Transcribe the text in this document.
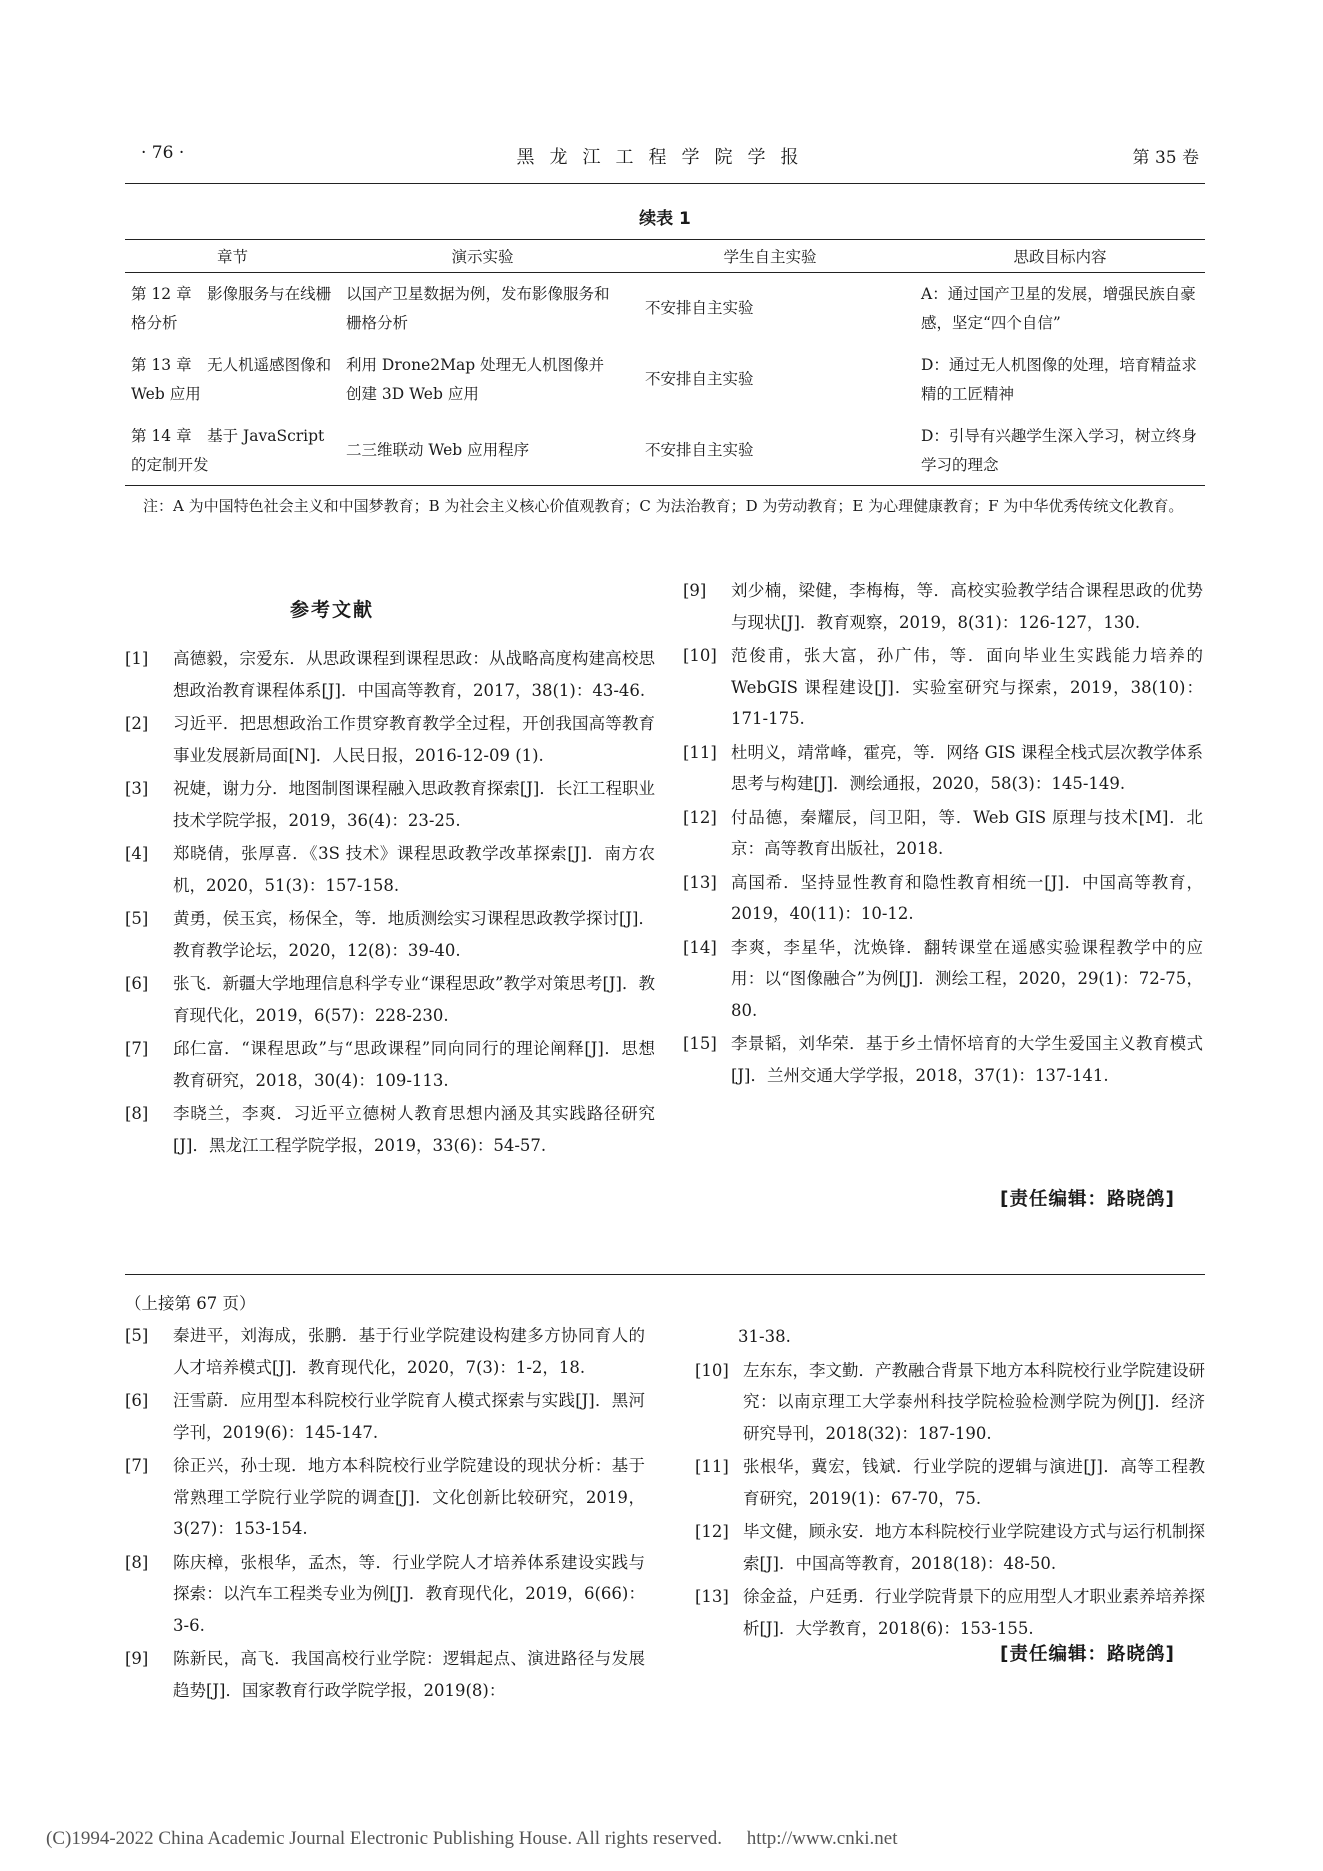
黑龙江工程学院学报
· 76 ·	第 35 卷
续表 1
章节	演示实验	学生自主实验	思政目标内容
第 12 章　影像服务与在线栅格分析	以国产卫星数据为例，发布影像服务和栅格分析	不安排自主实验	A：通过国产卫星的发展，增强民族自豪感，坚定“四个自信”
第 13 章　无人机遥感图像和 Web 应用	利用 Drone2Map 处理无人机图像并创建 3D Web 应用	不安排自主实验	D：通过无人机图像的处理，培育精益求精的工匠精神
第 14 章　基于 JavaScript 的定制开发	二三维联动 Web 应用程序	不安排自主实验	D：引导有兴趣学生深入学习，树立终身学习的理念
注：A 为中国特色社会主义和中国梦教育；B 为社会主义核心价值观教育；C 为法治教育；D 为劳动教育；E 为心理健康教育；F 为中华优秀传统文化教育。
参考文献
[1] 高德毅，宗爱东．从思政课程到课程思政：从战略高度构建高校思想政治教育课程体系[J]．中国高等教育，2017，38(1)：43-46.
[2] 习近平．把思想政治工作贯穿教育教学全过程，开创我国高等教育事业发展新局面[N]．人民日报，2016-12-09 (1).
[3] 祝婕，谢力分．地图制图课程融入思政教育探索[J]．长江工程职业技术学院学报，2019，36(4)：23-25.
[4] 郑晓倩，张厚喜．《3S 技术》课程思政教学改革探索[J]．南方农机，2020，51(3)：157-158.
[5] 黄勇，侯玉宾，杨保全，等．地质测绘实习课程思政教学探讨[J]．教育教学论坛，2020，12(8)：39-40.
[6] 张飞．新疆大学地理信息科学专业“课程思政”教学对策思考[J]．教育现代化，2019，6(57)：228-230.
[7] 邱仁富．“课程思政”与“思政课程”同向同行的理论阐释[J]．思想教育研究，2018，30(4)：109-113.
[8] 李晓兰，李爽．习近平立德树人教育思想内涵及其实践路径研究[J]．黑龙江工程学院学报，2019，33(6)：54-57.
[9] 刘少楠，梁健，李梅梅，等．高校实验教学结合课程思政的优势与现状[J]．教育观察，2019，8(31)：126-127，130.
[10] 范俊甫，张大富，孙广伟，等．面向毕业生实践能力培养的 WebGIS 课程建设[J]．实验室研究与探索，2019，38(10)：171-175.
[11] 杜明义，靖常峰，霍亮，等．网络 GIS 课程全栈式层次教学体系思考与构建[J]．测绘通报，2020，58(3)：145-149.
[12] 付品德，秦耀辰，闫卫阳，等．Web GIS 原理与技术[M]．北京：高等教育出版社，2018.
[13] 高国希．坚持显性教育和隐性教育相统一[J]．中国高等教育，2019，40(11)：10-12.
[14] 李爽，李星华，沈焕锋．翻转课堂在遥感实验课程教学中的应用：以“图像融合”为例[J]．测绘工程，2020，29(1)：72-75，80.
[15] 李景韬，刘华荣．基于乡土情怀培育的大学生爱国主义教育模式[J]．兰州交通大学学报，2018，37(1)：137-141.
[责任编辑：路晓鸽]
（上接第 67 页）
[5] 秦进平，刘海成，张鹏．基于行业学院建设构建多方协同育人的人才培养模式[J]．教育现代化，2020，7(3)：1-2，18.
[6] 汪雪蔚．应用型本科院校行业学院育人模式探索与实践[J]．黑河学刊，2019(6)：145-147.
[7] 徐正兴，孙士现．地方本科院校行业学院建设的现状分析：基于常熟理工学院行业学院的调查[J]．文化创新比较研究，2019，3(27)：153-154.
[8] 陈庆樟，张根华，孟杰，等．行业学院人才培养体系建设实践与探索：以汽车工程类专业为例[J]．教育现代化，2019，6(66)：3-6.
[9] 陈新民，高飞．我国高校行业学院：逻辑起点、演进路径与发展趋势[J]．国家教育行政学院学报，2019(8)：
31-38.
[10] 左东东，李文勤．产教融合背景下地方本科院校行业学院建设研究：以南京理工大学泰州科技学院检验检测学院为例[J]．经济研究导刊，2018(32)：187-190.
[11] 张根华，冀宏，钱斌．行业学院的逻辑与演进[J]．高等工程教育研究，2019(1)：67-70，75.
[12] 毕文健，顾永安．地方本科院校行业学院建设方式与运行机制探索[J]．中国高等教育，2018(18)：48-50.
[13] 徐金益，户廷勇．行业学院背景下的应用型人才职业素养培养探析[J]．大学教育，2018(6)：153-155.
[责任编辑：路晓鸽]
(C)1994-2022 China Academic Journal Electronic Publishing House. All rights reserved. http://www.cnki.net
